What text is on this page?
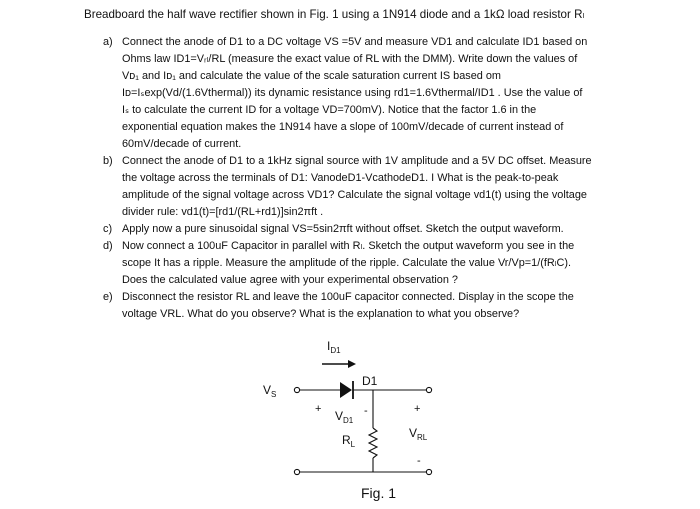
Breadboard the half wave rectifier shown in Fig. 1 using a 1N914 diode and a 1kΩ load resistor Rₗ
a) Connect the anode of D1 to a DC voltage VS =5V and measure VD1 and calculate ID1 based on
Ohms law ID1=Vᵣₗ/RL (measure the exact value of RL with the DMM). Write down the values of
Vᴅ₁ and Iᴅ₁ and calculate the value of the scale saturation current IS based om
Iᴅ=Iₛexp(Vd/(1.6Vthermal)) its dynamic resistance using rd1=1.6Vthermal/ID1 . Use the value of
Iₛ to calculate the current ID for a voltage VD=700mV). Notice that the factor 1.6 in the
exponential equation makes the 1N914 have a slope of 100mV/decade of current instead of
60mV/decade of current.
b) Connect the anode of D1 to a 1kHz signal source with 1V amplitude and a 5V DC offset. Measure
the voltage across the terminals of D1: VanodeD1-VcathodeD1. I What is the peak-to-peak
amplitude of the signal voltage across VD1? Calculate the signal voltage vd1(t) using the voltage
divider rule: vd1(t)=[rd1/(RL+rd1)]sin2πft .
c) Apply now a pure sinusoidal signal VS=5sin2πft without offset. Sketch the output waveform.
d) Now connect a 100uF Capacitor in parallel with Rₗ. Sketch the output waveform you see in the
scope It has a ripple. Measure the amplitude of the ripple. Calculate the value Vr/Vp=1/(fRₗC).
Does the calculated value agree with your experimental observation ?
e) Disconnect the resistor RL and leave the 100uF capacitor connected. Display in the scope the
voltage VRL. What do you observe? What is the explanation to what you observe?
$I_{D1}$
$V_S$
D1
+ $V_{D1}$
-
$R_L$
+
$V_{RL}$
-
Fig. 1
